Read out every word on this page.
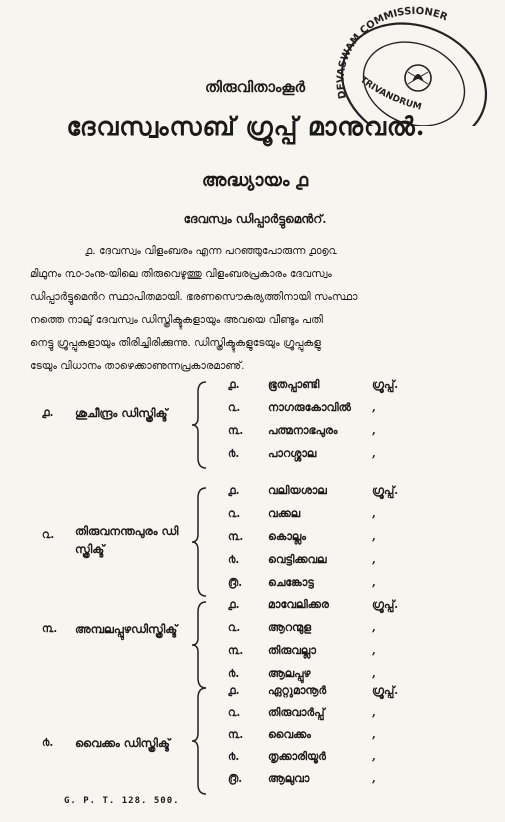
DEVASWAM COMMISSIONER
TRIVANDRUM
തിരുവിതാംകൂർ
ദേവസ്വംസബ് ഗ്രൂപ്പ് മാനുവൽ.
അദ്ധ്യായം ൧
ദേവസ്വം ഡിപ്പാർട്ടുമെൻറ്.
൧. ദേവസ്വം വിളംബരം എന്ന പറഞ്ഞുപോരുന്ന ൧൦൭൨
മിഥുനം ൩൦-ാംനു-യിലെ തിരുവെഴുത്തു വിളംബരപ്രകാരം ദേവസ്വം
ഡിപ്പാർട്ടുമെൻറ സ്ഥാപിതമായി. ഭരണസൌകര്യത്തിനായി സംസ്ഥാ
നത്തെ നാലു് ദേവസ്വം ഡിസ്ത്രിക്ടുകളായും അവയെ വീണ്ടും പതി
നെട്ടു ഗ്രൂപ്പുകളായും തിരിച്ചിരിക്കുന്നു. ഡിസ്ത്രിക്ടുകളുടേയും ഗ്രൂപ്പുകളു
ടേയും വിധാനം താഴെക്കാണുന്നപ്രകാരമാണു്.
൧. ശുചീന്ദ്രം ഡിസ്ത്രിക്ട്
൧.	ഭൂതപ്പാണ്ടി	ഗ്രൂപ്പ്.
൨.	നാഗരുകോവിൽ ,
൩. പത്മനാഭപുരം	,
൪.	പാറശ്ശാല	,
൨. തിരുവനന്തപുരം ഡി സ്ത്രിക്ട്
൧.	വലിയശാല	ഗ്രൂപ്പ്.
൨.	വക്കല	,
൩. കൊല്ലം	,
൪.	വെട്ടിക്കവല	,
൫. ചെങ്കോട്ട	,
൩. അമ്പലപ്പുഴഡിസ്ത്രിക്ട്
൧.	മാവേലിക്കര	ഗ്രൂപ്പ്.
൨.	ആറന്മുള	,
൩. തിരുവല്ലാ	,
൪.	ആലപ്പുഴ	,
൪. വൈക്കം ഡിസ്ത്രിക്ട്
൧.	ഏറ്റുമാനൂർ	ഗ്രൂപ്പ്.
൨.	തിരുവാർപ്പ്	,
൩. വൈക്കം	,
൪.	തൃക്കാരിയൂർ	,
൫. ആലുവാ	,
G. P. T. 128. 500.
